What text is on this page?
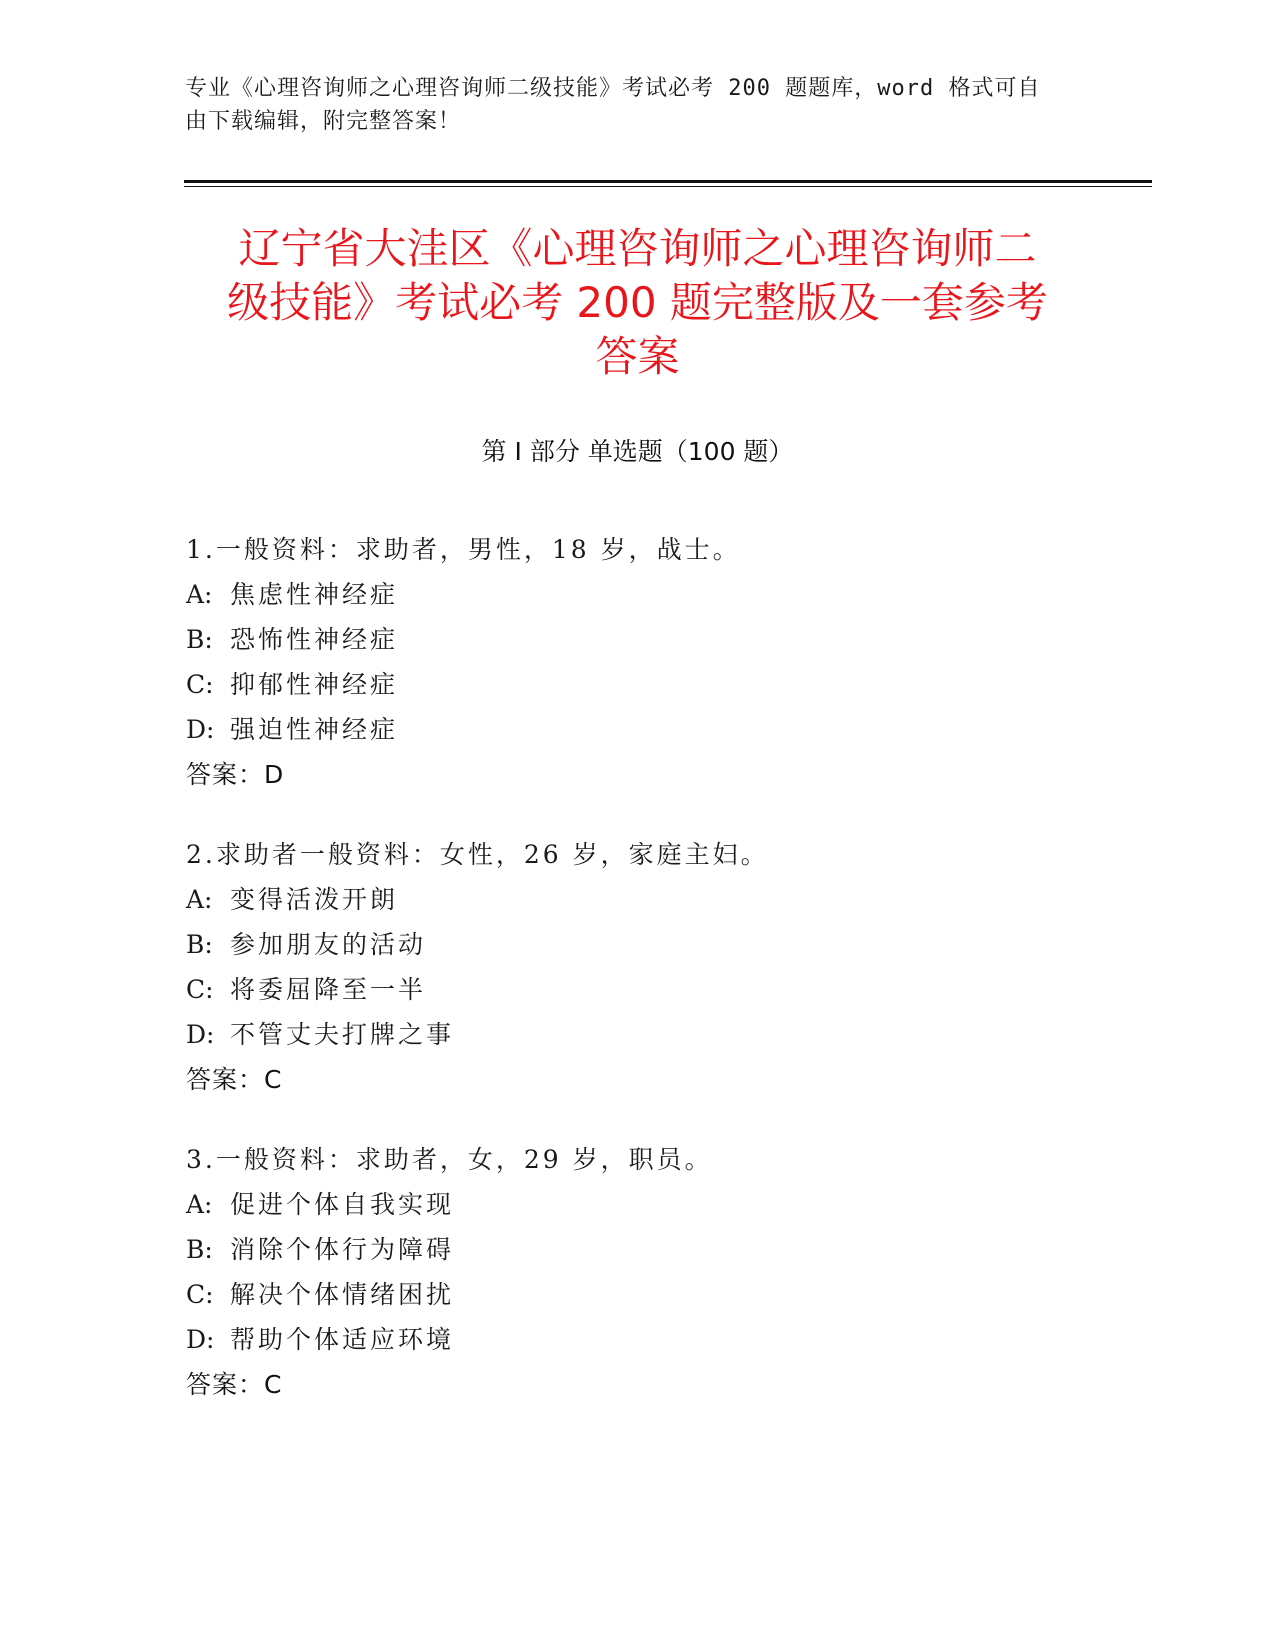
专业《心理咨询师之心理咨询师二级技能》考试必考 200 题题库，word 格式可自
由下载编辑，附完整答案！
辽宁省大洼区《心理咨询师之心理咨询师二
级技能》考试必考 200 题完整版及一套参考
答案
第 I 部分 单选题（100 题）
1.一般资料：求助者，男性，18 岁，战士。
A: 焦虑性神经症
B: 恐怖性神经症
C: 抑郁性神经症
D: 强迫性神经症
答案：D
2.求助者一般资料：女性，26 岁，家庭主妇。
A: 变得活泼开朗
B: 参加朋友的活动
C: 将委屈降至一半
D: 不管丈夫打牌之事
答案：C
3.一般资料：求助者，女，29 岁，职员。
A: 促进个体自我实现
B: 消除个体行为障碍
C: 解决个体情绪困扰
D: 帮助个体适应环境
答案：C
